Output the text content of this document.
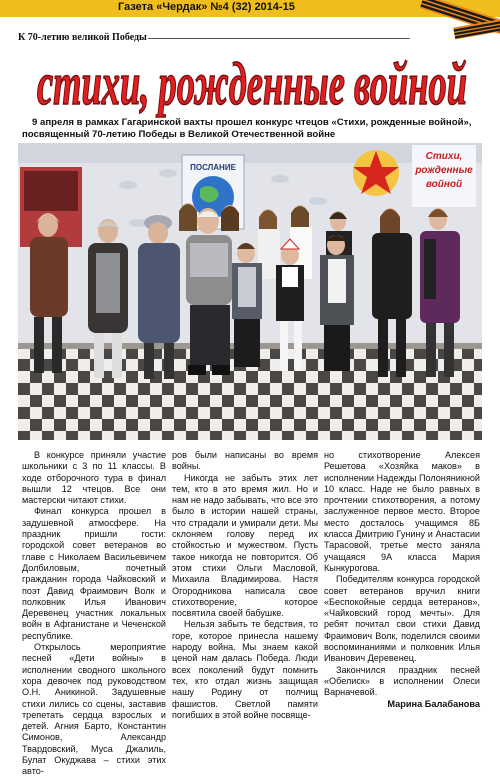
Газета «Чердак» №4 (32) 2014-15
К 70-летию великой Победы
стихи, рожденные войной
9 апреля в рамках Гагаринской вахты прошел конкурс чтецов «Стихи, рожденные войной»,
посвященный 70-летию Победы в Великой Отечественной войне
ПОСЛАНИЕ
Стихи,
рожденные
войной

В конкурсе приняли участие школьники с 3 по 11 классы. В ходе отборочного тура в финал вышли 12 чтецов. Все они мастерски читают стихи.

Финал конкурса прошел в задушевной атмосфере. На праздник пришли гости: городской совет ветеранов во главе с Николаем Васильевичем Долбиловым, почетный гражданин города Чайковский и поэт Давид Фраимович Волк и полковник Илья Иванович Деревенец участник локальных войн в Афганистане и Чеченской республике.

Открылось мероприятие песней «Дети войны» в исполнении сводного школьного хора девочек под руководством О.Н. Аникиной. Задушевные стихи лились со сцены, заставив трепетать сердца взрослых и детей. Агния Барто, Константин Симонов, Александр Твардовский, Муса Джалиль, Булат Окуджава – стихи этих авто-

ров были написаны во время войны.

Никогда не забыть этих лет тем, кто в это время жил. Но и нам не надо забывать, что все это было в истории нашей страны, что страдали и умирали дети. Мы склоняем голову перед их стойкостью и мужеством. Пусть такое никогда не повторится. Об этом стихи Ольги Масловой, Михаила Владимирова. Настя Огородникова написала свое стихотворение, которое посвятила своей бабушке.

Нельзя забыть те бедствия, то горе, которое принесла нашему народу война. Мы знаем какой ценой нам далась Победа. Люди всех поколений будут помнить тех, кто отдал жизнь защищая нашу Родину от полчищ фашистов. Светлой памяти погибших в этой войне посвяще-

но стихотворение Алексея Решетова «Хозяйка маков» в исполнении Надежды Полоняникной 10 класс. Наде не было равных в прочтении стихотворения, а потому заслуженное первое место. Второе место досталось учащимся 8Б класса Дмитрию Гунину и Анастасии Тарасовой, третье место заняла учащаяся 9А класса Мария Кынкурогова.

Победителям конкурса городской совет ветеранов вручил книги «Беспокойные сердца ветеранов», «Чайковский город мечты». Для ребят почитал свои стихи Давид Фраимович Волк, поделился своими воспоминаниями и полковник Илья Иванович Деревенец.

Закончился праздник песней «Обелиск» в исполнении Олеси Варначевой.

Марина Балабанова
